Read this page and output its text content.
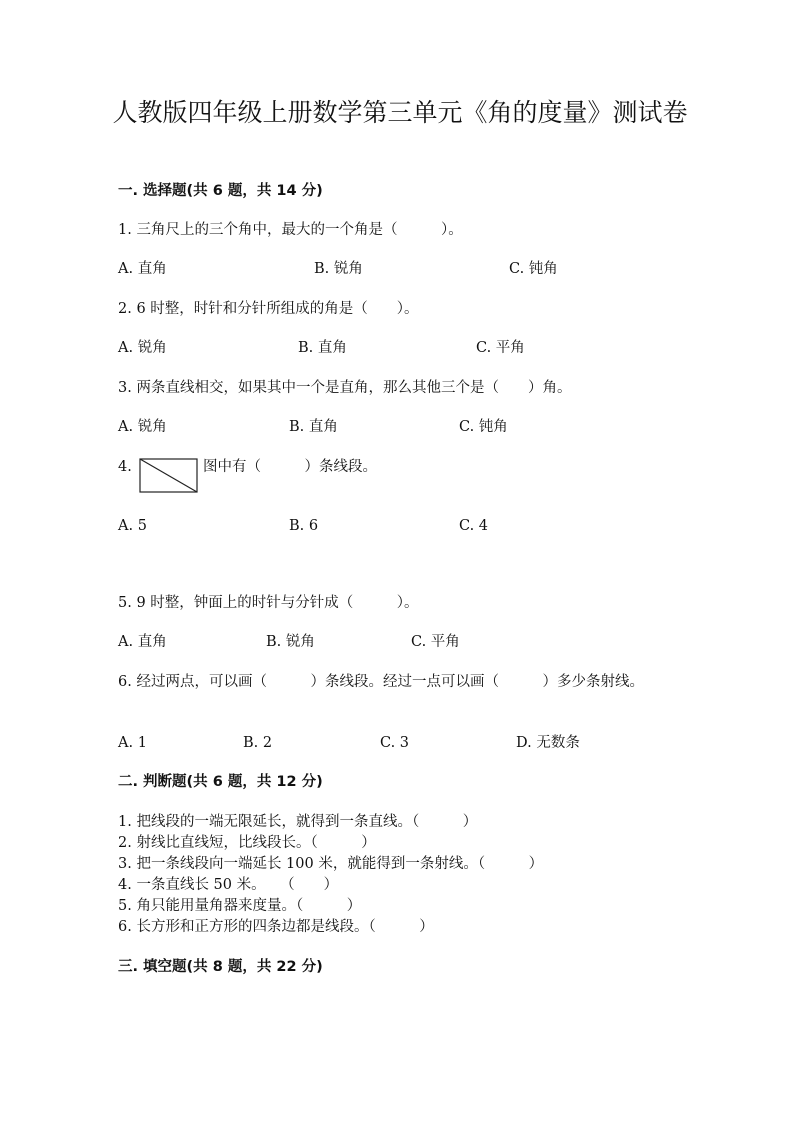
人教版四年级上册数学第三单元《角的度量》测试卷
一. 选择题(共 6 题，共 14 分)
1. 三角尺上的三个角中，最大的一个角是（　　　）。
A. 直角	B. 锐角	C. 钝角
2. 6 时整，时针和分针所组成的角是（　　）。
A. 锐角	B. 直角	C. 平角
3. 两条直线相交，如果其中一个是直角，那么其他三个是（　　）角。
A. 锐角	B. 直角	C. 钝角
4.	图中有（　　　）条线段。
A. 5	B. 6	C. 4
5. 9 时整，钟面上的时针与分针成（　　　）。
A. 直角	B. 锐角	C. 平角
6. 经过两点，可以画（　　　）条线段。经过一点可以画（　　　）多少条射线。
A. 1	B. 2	C. 3	D. 无数条
二. 判断题(共 6 题，共 12 分)
1. 把线段的一端无限延长，就得到一条直线。（　　　）
2. 射线比直线短，比线段长。（　　　）
3. 把一条线段向一端延长 100 米，就能得到一条射线。（　　　）
4. 一条直线长 50 米。　　（　　）
5. 角只能用量角器来度量。（　　　）
6. 长方形和正方形的四条边都是线段。（　　　）
三. 填空题(共 8 题，共 22 分)
